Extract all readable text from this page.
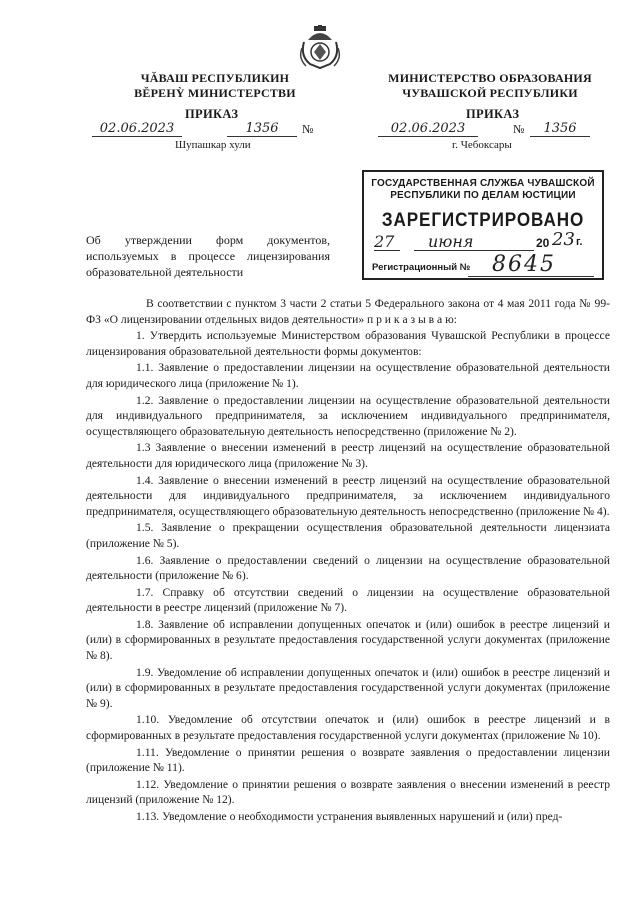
ЧĂВАШ РЕСПУБЛИКИН
ВĔРЕНỲ МИНИСТЕРСТВИ
МИНИСТЕРСТВО ОБРАЗОВАНИЯ
ЧУВАШСКОЙ РЕСПУБЛИКИ
ПРИКАЗ	ПРИКАЗ
02.06.2023	1356	№
Шупашкар хули
02.06.2023	№	1356
г. Чебоксары
ГОСУДАРСТВЕННАЯ СЛУЖБА ЧУВАШСКОЙ
РЕСПУБЛИКИ ПО ДЕЛАМ ЮСТИЦИИ
ЗАРЕГИСТРИРОВАНО
27 июня	20 23 г.
Регистрационный № 8645
Об утверждении форм документов, используемых в процессе лицензирования образовательной деятельности

В соответствии с пунктом 3 части 2 статьи 5 Федерального закона от 4 мая 2011 года № 99-ФЗ «О лицензировании отдельных видов деятельности» п р и к а з ы в а ю:

1. Утвердить используемые Министерством образования Чувашской Республики в процессе лицензирования образовательной деятельности формы документов:

1.1. Заявление о предоставлении лицензии на осуществление образовательной деятельности для юридического лица (приложение № 1).

1.2. Заявление о предоставлении лицензии на осуществление образовательной деятельности для индивидуального предпринимателя, за исключением индивидуального предпринимателя, осуществляющего образовательную деятельность непосредственно (приложение № 2).

1.3 Заявление о внесении изменений в реестр лицензий на осуществление образовательной деятельности для юридического лица (приложение № 3).

1.4. Заявление о внесении изменений в реестр лицензий на осуществление образовательной деятельности для индивидуального предпринимателя, за исключением индивидуального предпринимателя, осуществляющего образовательную деятельность непосредственно (приложение № 4).

1.5. Заявление о прекращении осуществления образовательной деятельности лицензиата (приложение № 5).

1.6. Заявление о предоставлении сведений о лицензии на осуществление образовательной деятельности (приложение № 6).

1.7. Справку об отсутствии сведений о лицензии на осуществление образовательной деятельности в реестре лицензий (приложение № 7).

1.8. Заявление об исправлении допущенных опечаток и (или) ошибок в реестре лицензий и (или) в сформированных в результате предоставления государственной услуги документах (приложение № 8).

1.9. Уведомление об исправлении допущенных опечаток и (или) ошибок в реестре лицензий и (или) в сформированных в результате предоставления государственной услуги документах (приложение № 9).

1.10. Уведомление об отсутствии опечаток и (или) ошибок в реестре лицензий и в сформированных в результате предоставления государственной услуги документах (приложение № 10).

1.11. Уведомление о принятии решения о возврате заявления о предоставлении лицензии (приложение № 11).

1.12. Уведомление о принятии решения о возврате заявления о внесении изменений в реестр лицензий (приложение № 12).

1.13. Уведомление о необходимости устранения выявленных нарушений и (или) пред-
